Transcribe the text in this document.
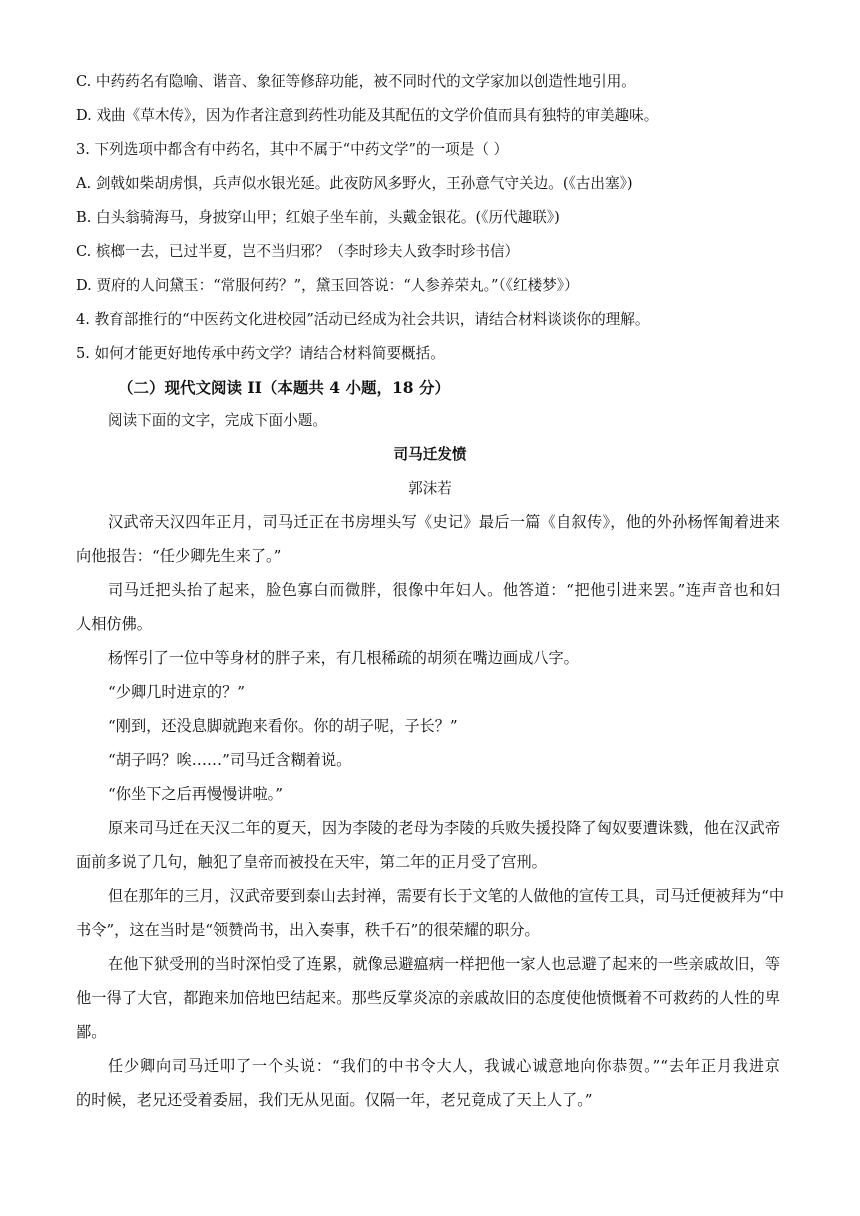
C. 中药药名有隐喻、谐音、象征等修辞功能，被不同时代的文学家加以创造性地引用。
D. 戏曲《草木传》，因为作者注意到药性功能及其配伍的文学价值而具有独特的审美趣味。
3. 下列选项中都含有中药名，其中不属于“中药文学”的一项是（ ）
A. 剑戟如柴胡虏惧，兵声似水银光延。此夜防风多野火，王孙意气守关边。(《古出塞》)
B. 白头翁骑海马，身披穿山甲；红娘子坐车前，头戴金银花。(《历代趣联》)
C. 槟榔一去，已过半夏，岂不当归邪？（李时珍夫人致李时珍书信）
D. 贾府的人问黛玉：“常服何药？”，黛玉回答说：“人参养荣丸。”（《红楼梦》）
4. 教育部推行的“中医药文化进校园”活动已经成为社会共识，请结合材料谈谈你的理解。
5. 如何才能更好地传承中药文学？请结合材料简要概括。
（二）现代文阅读 II（本题共 4 小题，18 分）
阅读下面的文字，完成下面小题。
司马迁发愤
郭沫若
汉武帝天汉四年正月，司马迁正在书房埋头写《史记》最后一篇《自叙传》，他的外孙杨恽匍着进来
向他报告：“任少卿先生来了。”
司马迁把头抬了起来，脸色寡白而微胖，很像中年妇人。他答道：“把他引进来罢。”连声音也和妇
人相仿佛。
杨恽引了一位中等身材的胖子来，有几根稀疏的胡须在嘴边画成八字。
“少卿几时进京的？”
“刚到，还没息脚就跑来看你。你的胡子呢，子长？”
“胡子吗？唉……”司马迁含糊着说。
“你坐下之后再慢慢讲啦。”
原来司马迁在天汉二年的夏天，因为李陵的老母为李陵的兵败失援投降了匈奴要遭诛戮，他在汉武帝
面前多说了几句，触犯了皇帝而被投在天牢，第二年的正月受了宫刑。
但在那年的三月，汉武帝要到泰山去封禅，需要有长于文笔的人做他的宣传工具，司马迁便被拜为“中
书令”，这在当时是“领赞尚书，出入奏事，秩千石”的很荣耀的职分。
在他下狱受刑的当时深怕受了连累，就像忌避瘟病一样把他一家人也忌避了起来的一些亲戚故旧，等
他一得了大官，都跑来加倍地巴结起来。那些反掌炎凉的亲戚故旧的态度使他愤慨着不可救药的人性的卑
鄙。
任少卿向司马迁叩了一个头说：“我们的中书令大人，我诚心诚意地向你恭贺。”“去年正月我进京
的时候，老兄还受着委屈，我们无从见面。仅隔一年，老兄竟成了天上人了。”
